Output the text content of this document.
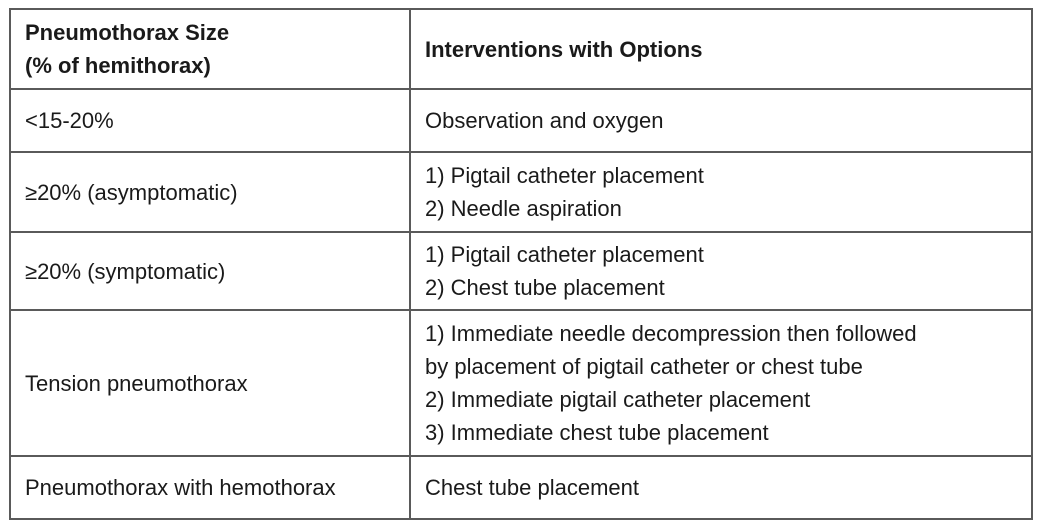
Pneumothorax Size
(% of hemithorax)	Interventions with Options

<15-20%	Observation and oxygen

≥20% (asymptomatic)	1) Pigtail catheter placement
2) Needle aspiration

≥20% (symptomatic)	1) Pigtail catheter placement
2) Chest tube placement

Tension pneumothorax	1) Immediate needle decompression then followed
by placement of pigtail catheter or chest tube
2) Immediate pigtail catheter placement
3) Immediate chest tube placement

Pneumothorax with hemothorax	Chest tube placement
